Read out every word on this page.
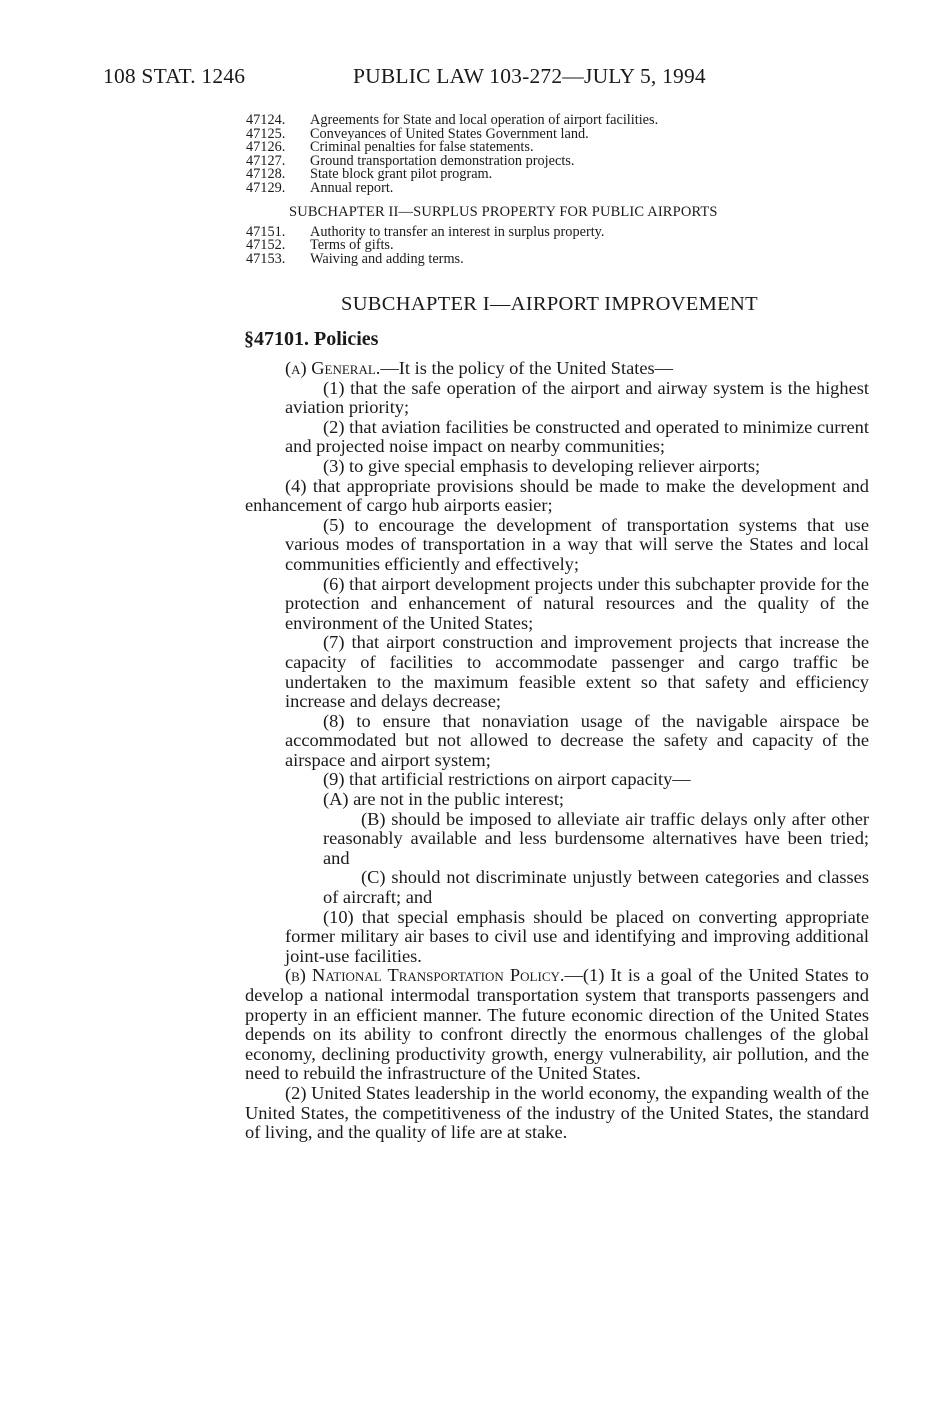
108 STAT. 1246	PUBLIC LAW 103-272—JULY 5, 1994
47124. Agreements for State and local operation of airport facilities.
47125. Conveyances of United States Government land.
47126. Criminal penalties for false statements.
47127. Ground transportation demonstration projects.
47128. State block grant pilot program.
47129. Annual report.
SUBCHAPTER II—SURPLUS PROPERTY FOR PUBLIC AIRPORTS
47151. Authority to transfer an interest in surplus property.
47152. Terms of gifts.
47153. Waiving and adding terms.
SUBCHAPTER I—AIRPORT IMPROVEMENT
§47101. Policies

(a) General.—It is the policy of the United States—

(1) that the safe operation of the airport and airway system is the highest aviation priority;

(2) that aviation facilities be constructed and operated to minimize current and projected noise impact on nearby communities;

(3) to give special emphasis to developing reliever airports;

(4) that appropriate provisions should be made to make the development and enhancement of cargo hub airports easier;

(5) to encourage the development of transportation systems that use various modes of transportation in a way that will serve the States and local communities efficiently and effectively;

(6) that airport development projects under this subchapter provide for the protection and enhancement of natural resources and the quality of the environment of the United States;

(7) that airport construction and improvement projects that increase the capacity of facilities to accommodate passenger and cargo traffic be undertaken to the maximum feasible extent so that safety and efficiency increase and delays decrease;

(8) to ensure that nonaviation usage of the navigable airspace be accommodated but not allowed to decrease the safety and capacity of the airspace and airport system;

(9) that artificial restrictions on airport capacity—

(A) are not in the public interest;

(B) should be imposed to alleviate air traffic delays only after other reasonably available and less burdensome alternatives have been tried; and

(C) should not discriminate unjustly between categories and classes of aircraft; and

(10) that special emphasis should be placed on converting appropriate former military air bases to civil use and identifying and improving additional joint-use facilities.

(b) National Transportation Policy.—(1) It is a goal of the United States to develop a national intermodal transportation system that transports passengers and property in an efficient manner. The future economic direction of the United States depends on its ability to confront directly the enormous challenges of the global economy, declining productivity growth, energy vulnerability, air pollution, and the need to rebuild the infrastructure of the United States.

(2) United States leadership in the world economy, the expanding wealth of the United States, the competitiveness of the industry of the United States, the standard of living, and the quality of life are at stake.
